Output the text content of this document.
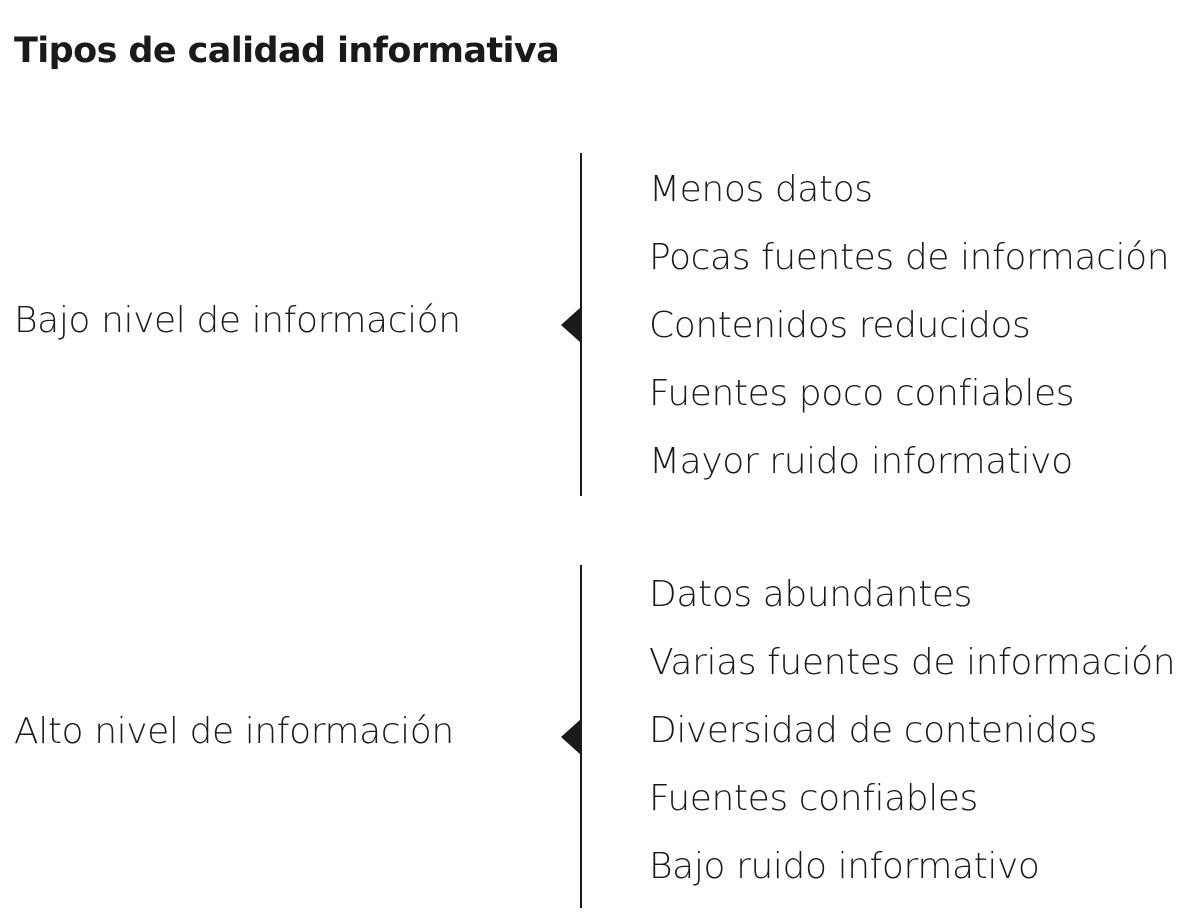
Tipos de calidad informativa
Bajo nivel de información
Menos datos
Pocas fuentes de información
Contenidos reducidos
Fuentes poco confiables
Mayor ruido informativo
Alto nivel de información
Datos abundantes
Varias fuentes de información
Diversidad de contenidos
Fuentes confiables
Bajo ruido informativo
